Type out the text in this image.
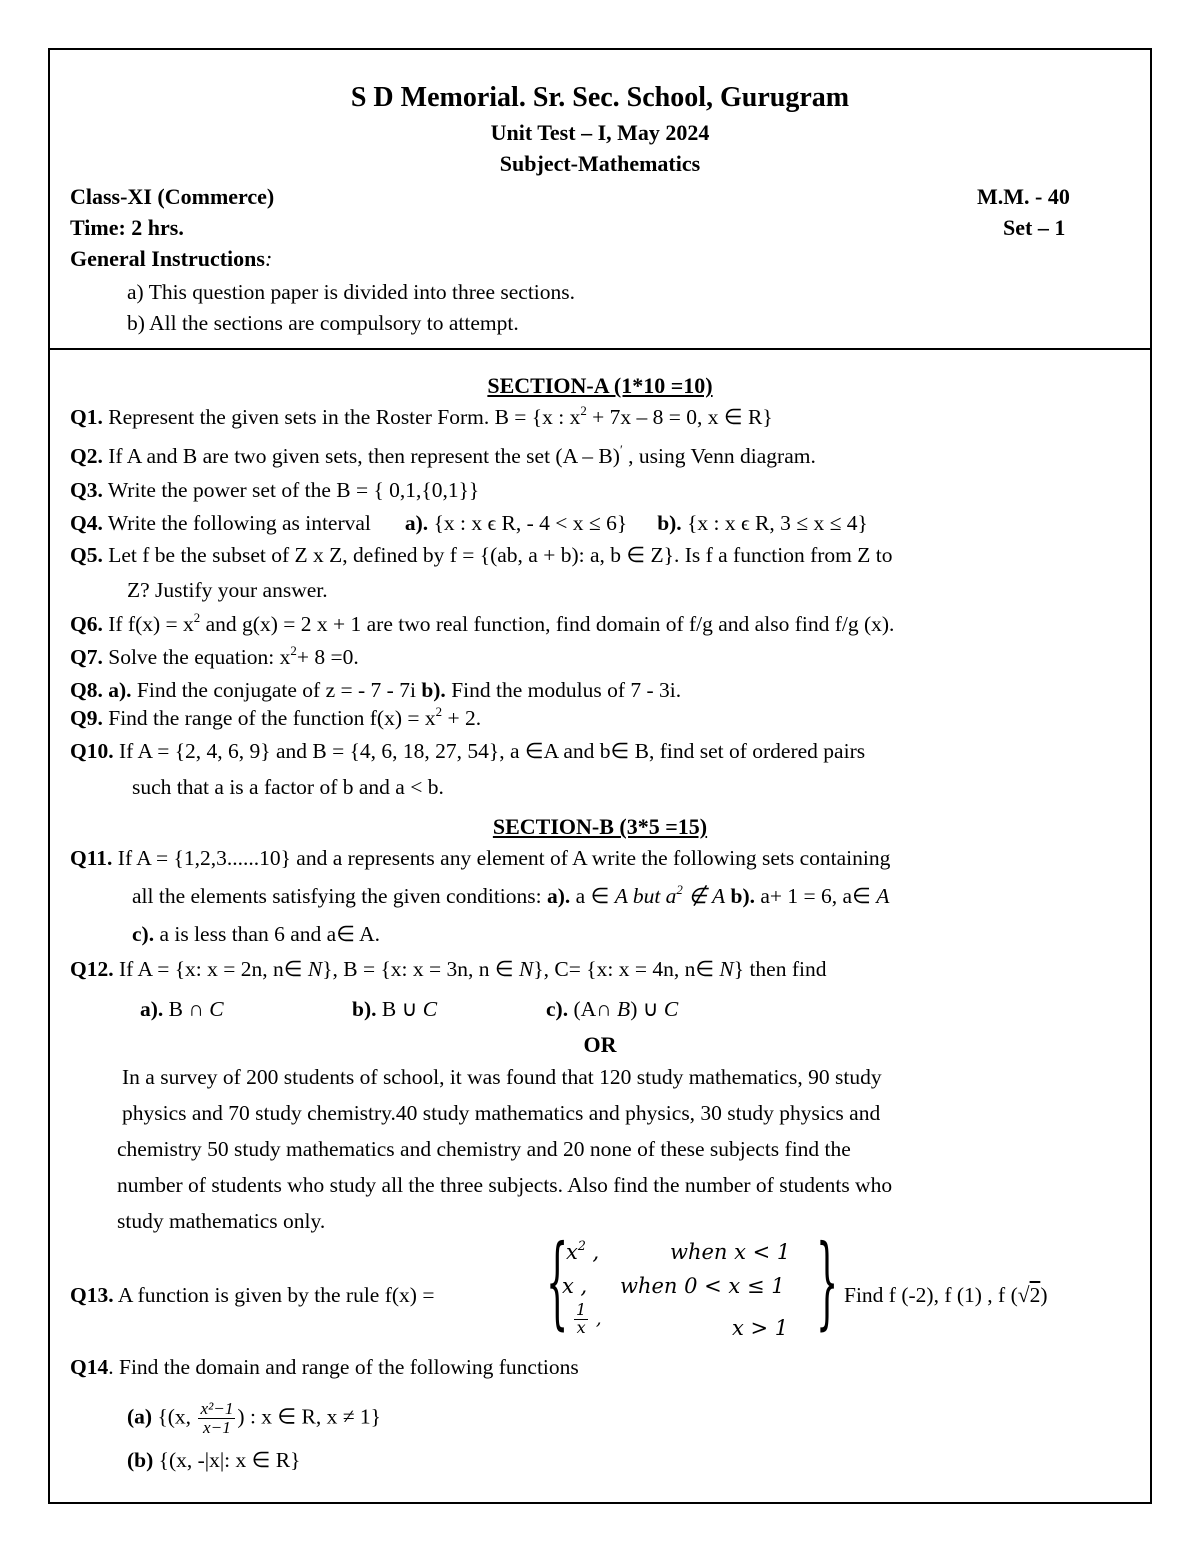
S D Memorial. Sr. Sec. School, Gurugram
Unit Test – I, May 2024
Subject-Mathematics
Class-XI (Commerce)	M.M. - 40
Time: 2 hrs.	Set – 1
General Instructions:
a) This question paper is divided into three sections.
b) All the sections are compulsory to attempt.
SECTION-A (1*10 =10)
Q1. Represent the given sets in the Roster Form. B = {x : $x^2 + 7x - 8 = 0$, x ∈ R}
Q2. If A and B are two given sets, then represent the set (A – B)′ , using Venn diagram.
Q3. Write the power set of the B = { 0,1,{0,1}}
Q4. Write the following as interval a). {x : x ϵ R, - 4 < x ≤ 6} b). {x : x ϵ R, 3 ≤ x ≤ 4}
Q5. Let f be the subset of Z x Z, defined by f = {(ab, a + b): a, b ∈ Z}. Is f a function from Z to
Z? Justify your answer.
Q6. If $f(x) = x^2$ and g(x) = 2 x + 1 are two real function, find domain of f/g and also find f/g (x).
Q7. Solve the equation: $x^2+ 8 =0$.
Q8. a). Find the conjugate of z = - 7 - 7i b). Find the modulus of 7 - 3i.
Q9. Find the range of the function $f(x) = x^2 + 2$.
Q10. If A = {2, 4, 6, 9} and B = {4, 6, 18, 27, 54}, a ∈A and b∈ B, find set of ordered pairs
such that a is a factor of b and a < b.
SECTION-B (3*5 =15)
Q11. If A = {1,2,3......10} and a represents any element of A write the following sets containing
all the elements satisfying the given conditions: a). a ∈ A but $a^2$ ∉ A b). a+ 1 = 6, a∈ A
c). a is less than 6 and a∈ A.
Q12. If A = {x: x = 2n, n∈ N}, B = {x: x = 3n, n ∈ N}, C= {x: x = 4n, n∈ N} then find
a). B ∩ C	b). B ∪ C	c). (A∩ B) ∪ C
OR
In a survey of 200 students of school, it was found that 120 study mathematics, 90 study
physics and 70 study chemistry.40 study mathematics and physics, 30 study physics and
chemistry 50 study mathematics and chemistry and 20 none of these subjects find the
number of students who study all the three subjects. Also find the number of students who
study mathematics only.
Q13. A function is given by the rule f(x) = {
$x^2$ ,	when x < 1
x , when 0 < x ≤ 1
$\frac{1}{x}$ ,	x > 1 } Find f (-2), f (1) , f (√2)
Q14. Find the domain and range of the following functions
(a) {(x, $\frac{\text{x²−1}}{x-1}$ ) : x ∈ R, x ≠ 1}
(b) {(x, -|x|: x ∈ R}
